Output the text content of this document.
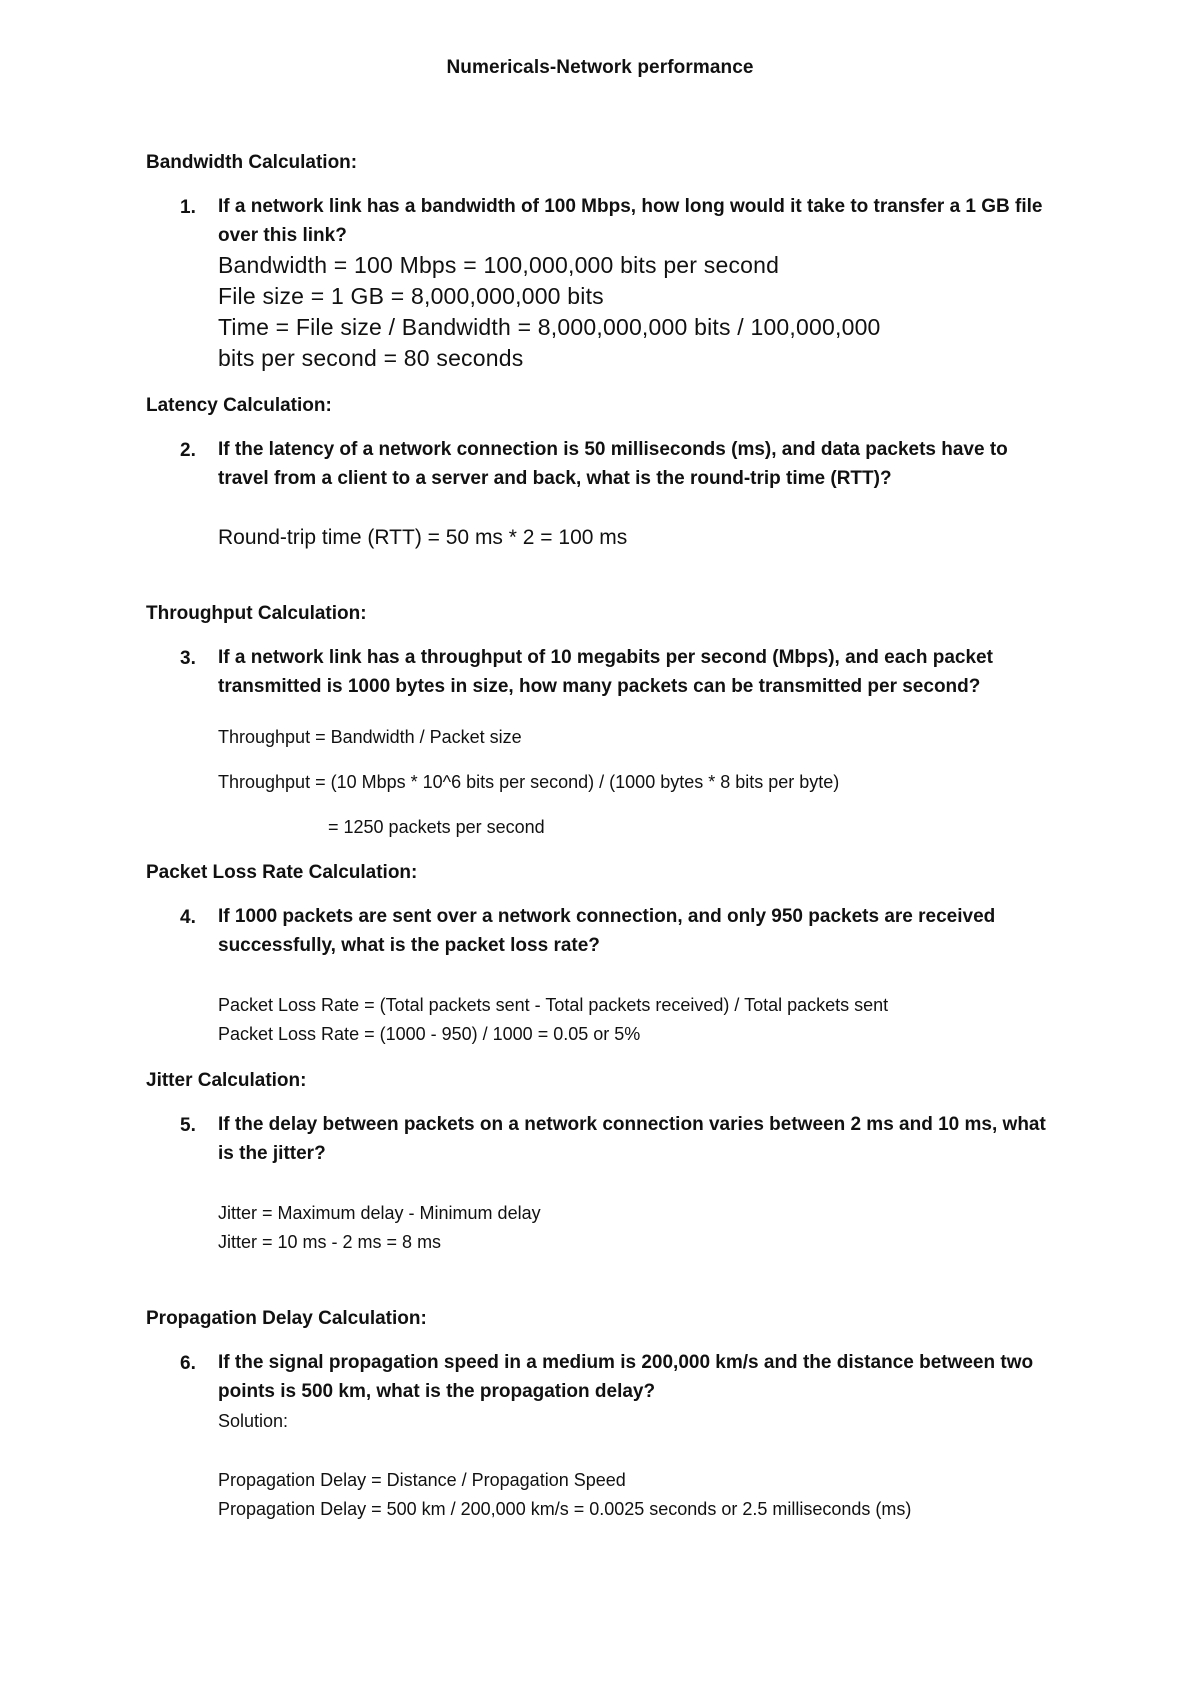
Numericals-Network performance
Bandwidth Calculation:
1. If a network link has a bandwidth of 100 Mbps, how long would it take to transfer a 1 GB file over this link?
Bandwidth = 100 Mbps = 100,000,000 bits per second
File size = 1 GB = 8,000,000,000 bits
Time = File size / Bandwidth = 8,000,000,000 bits / 100,000,000
bits per second = 80 seconds
Latency Calculation:
2. If the latency of a network connection is 50 milliseconds (ms), and data packets have to travel from a client to a server and back, what is the round-trip time (RTT)?
Round-trip time (RTT) = 50 ms * 2 = 100 ms
Throughput Calculation:
3. If a network link has a throughput of 10 megabits per second (Mbps), and each packet transmitted is 1000 bytes in size, how many packets can be transmitted per second?
Throughput = Bandwidth / Packet size
Throughput = (10 Mbps * 10^6 bits per second) / (1000 bytes * 8 bits per byte)
= 1250 packets per second
Packet Loss Rate Calculation:
4. If 1000 packets are sent over a network connection, and only 950 packets are received successfully, what is the packet loss rate?
Packet Loss Rate = (Total packets sent - Total packets received) / Total packets sent
Packet Loss Rate = (1000 - 950) / 1000 = 0.05 or 5%
Jitter Calculation:
5. If the delay between packets on a network connection varies between 2 ms and 10 ms, what is the jitter?
Jitter = Maximum delay - Minimum delay
Jitter = 10 ms - 2 ms = 8 ms
Propagation Delay Calculation:
6. If the signal propagation speed in a medium is 200,000 km/s and the distance between two points is 500 km, what is the propagation delay?
Solution:
Propagation Delay = Distance / Propagation Speed
Propagation Delay = 500 km / 200,000 km/s = 0.0025 seconds or 2.5 milliseconds (ms)
